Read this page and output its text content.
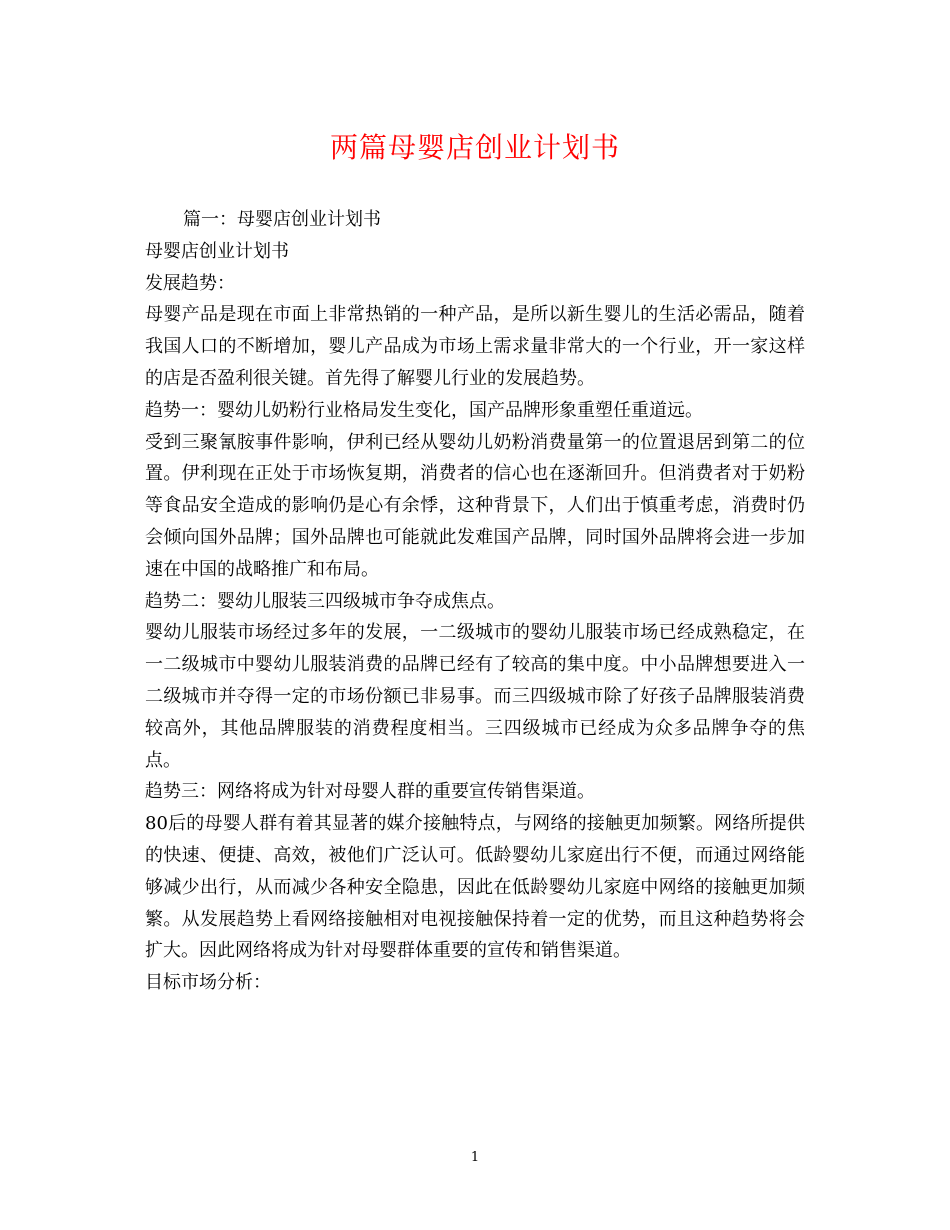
两篇母婴店创业计划书

篇一：母婴店创业计划书

母婴店创业计划书

发展趋势：

母婴产品是现在市面上非常热销的一种产品，是所以新生婴儿的生活必需品，随着我国人口的不断增加，婴儿产品成为市场上需求量非常大的一个行业，开一家这样的店是否盈利很关键。首先得了解婴儿行业的发展趋势。

趋势一：婴幼儿奶粉行业格局发生变化，国产品牌形象重塑任重道远。

受到三聚氰胺事件影响，伊利已经从婴幼儿奶粉消费量第一的位置退居到第二的位置。伊利现在正处于市场恢复期，消费者的信心也在逐渐回升。但消费者对于奶粉等食品安全造成的影响仍是心有余悸，这种背景下，人们出于慎重考虑，消费时仍会倾向国外品牌；国外品牌也可能就此发难国产品牌，同时国外品牌将会进一步加速在中国的战略推广和布局。

趋势二：婴幼儿服装三四级城市争夺成焦点。

婴幼儿服装市场经过多年的发展，一二级城市的婴幼儿服装市场已经成熟稳定，在一二级城市中婴幼儿服装消费的品牌已经有了较高的集中度。中小品牌想要进入一二级城市并夺得一定的市场份额已非易事。而三四级城市除了好孩子品牌服装消费较高外，其他品牌服装的消费程度相当。三四级城市已经成为众多品牌争夺的焦点。

趋势三：网络将成为针对母婴人群的重要宣传销售渠道。

80后的母婴人群有着其显著的媒介接触特点，与网络的接触更加频繁。网络所提供的快速、便捷、高效，被他们广泛认可。低龄婴幼儿家庭出行不便，而通过网络能够减少出行，从而减少各种安全隐患，因此在低龄婴幼儿家庭中网络的接触更加频繁。从发展趋势上看网络接触相对电视接触保持着一定的优势，而且这种趋势将会扩大。因此网络将成为针对母婴群体重要的宣传和销售渠道。

目标市场分析：

1
